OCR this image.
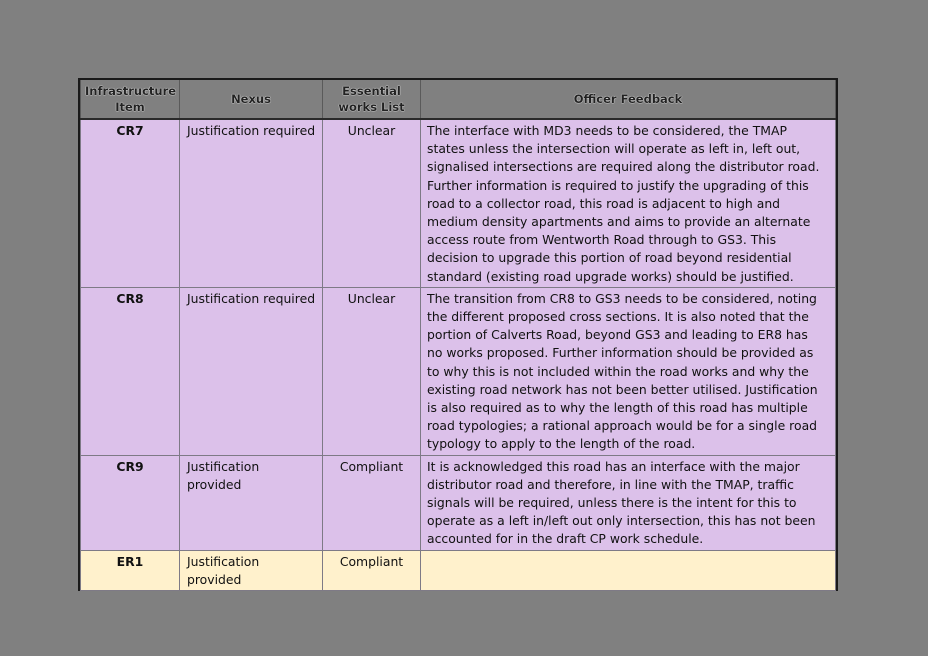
Infrastructure Item	Nexus	Essential works List	Officer Feedback
CR7	Justification required	Unclear	The interface with MD3 needs to be considered, the TMAP states unless the intersection will operate as left in, left out, signalised intersections are required along the distributor road. Further information is required to justify the upgrading of this road to a collector road, this road is adjacent to high and medium density apartments and aims to provide an alternate access route from Wentworth Road through to GS3. This decision to upgrade this portion of road beyond residential standard (existing road upgrade works) should be justified.
CR8	Justification required	Unclear	The transition from CR8 to GS3 needs to be considered, noting the different proposed cross sections. It is also noted that the portion of Calverts Road, beyond GS3 and leading to ER8 has no works proposed. Further information should be provided as to why this is not included within the road works and why the existing road network has not been better utilised. Justification is also required as to why the length of this road has multiple road typologies; a rational approach would be for a single road typology to apply to the length of the road.
CR9	Justification provided	Compliant	It is acknowledged this road has an interface with the major distributor road and therefore, in line with the TMAP, traffic signals will be required, unless there is the intent for this to operate as a left in/left out only intersection, this has not been accounted for in the draft CP work schedule.
ER1	Justification provided	Compliant	
